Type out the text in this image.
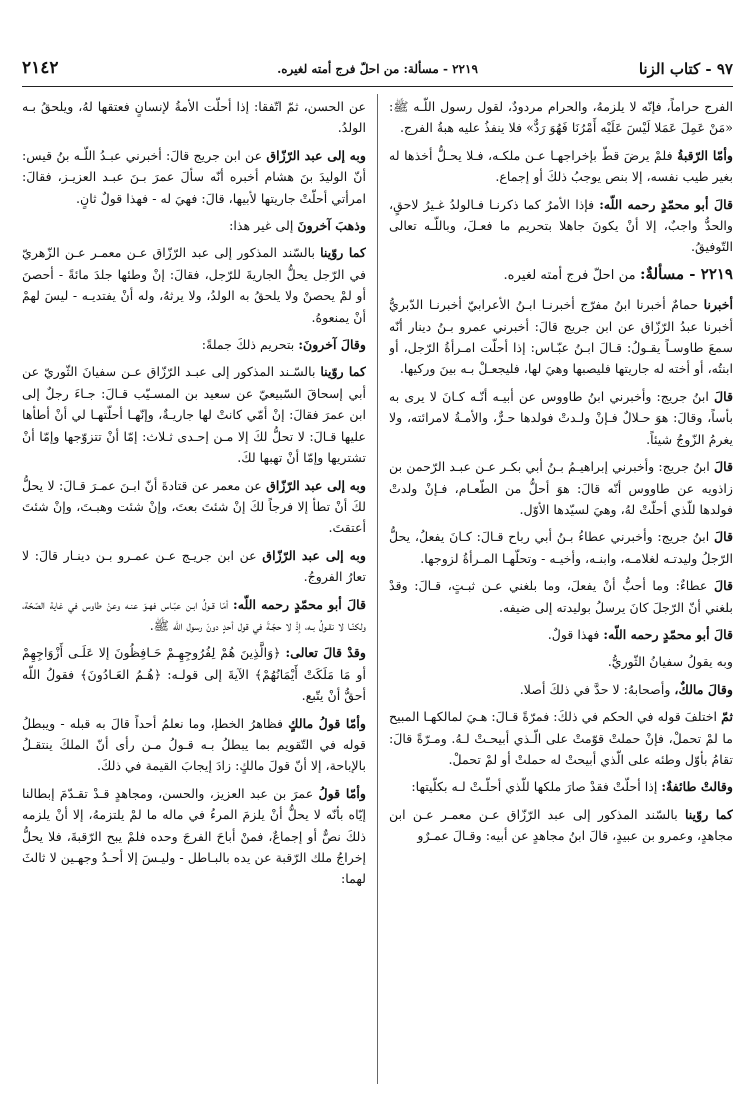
٩٧ - كتاب الزنا
٢٢١٩ - مسألة: من احلّ فرج أمته لغيره.
٢١٤٢

الفرج حراماً، فإنّه لا يلزمهُ، والحرام مردودٌ، لقول رسول اللّـه ﷺ: «مَنْ عَمِلَ عَمَلا لَيْسَ عَلَيْه أَمْرُنَا فَهُوَ رَدٌّ» فلا ينفذُ عليه هبةُ الفرج.

وأمّا الرّقبةُ فلمْ يرضَ قطّ بإخراجهـا عـن ملكـه، فـلا يحـلُّ أخذها له بغير طيب نفسه، إلا بنص يوجبُ ذلكَ أو إجماع.

قالَ أبو محمّدٍ رحمه اللّه: فإذا الأمرُ كما ذكرنـا فـالولدُ غـيرُ لاحقٍ، والحدُّ واجبٌ، إلا أنْ يكونَ جاهلا بتحريم ما فعـلَ، وباللّـه تعالى التّوفيقُ.

٢٢١٩ - مسألةٌ: من احلّ فرج أمته لغيره.

أخبرنا حمامٌ أخبرنا ابنُ مفرّج أخبرنـا ابـنُ الأعرابيّ أخبرنـا الدّبريُّ أخبرنا عبدُ الرّزّاق عن ابن جريج قالَ: أخبرني عمرو بـنُ دينار أنّه سمعَ طاوسـاً يقـولُ: قـالَ ابـنُ عبّـاس: إذا أحلّت امـرأةُ الرّجل، أو ابنتُه، أو أخته له جاريتها فليصبها وهيَ لها، فليجعـلْ بـه بينَ وركيها.

قالَ ابنُ جريج: وأخبرني ابنُ طاووس عن أبيـه أنّـه كـانَ لا يرى به بأساً، وقالَ: هوَ حـلالٌ فـإنْ ولـدتْ فولدها حـرٌّ، والأمـةُ لامرائته، ولا يغرمُ الزّوجُ شيئاً.

قالَ ابنُ جريج: وأخبرني إبراهيـمُ بـنُ أبي بكـر عـن عبـد الرّحمن بن زاذويه عن طاووس أنّه قالَ: هوَ أحلُّ من الطّعـام، فـإنْ ولدتْ فولدها للّذي أحلّتْ لهُ، وهيَ لسيّدها الأوّل.

قالَ ابنُ جريج: وأخبرني عطاءُ بـنُ أبي رباح قـالَ: كـانَ يفعلُ، يحلُّ الرّجلُ وليدتـه لغلامـه، وابنـه، وأخيـه - وتحلّهـا المـرأةُ لزوجها.

قالَ عطاءٌ: وما أحبُّ أنْ يفعلَ، وما بلغني عـن ثبـتٍ، قـالَ: وقدْ بلغني أنّ الرّجلَ كانَ يرسلُ بوليدته إلى ضيفه.

قالَ أبو محمّدٍ رحمه اللّه: فهذا قولٌ.

وبه يقولُ سفيانُ الثّوريُّ.

وقالَ مالكٌ، وأصحابهُ: لا حدَّ في ذلكَ أصلا.

ثمّ اختلفَ قوله في الحكم في ذلكَ: فمرّةً قـالَ: هـيَ لمالكهـا المبيح ما لمْ تحملْ، فإنْ حملتْ قوّمتْ على الّـذي أبيحـتْ لـهُ. ومـرّةً قالَ: تقامُ بأوّل وطئه على الّذي أبيحتْ له حملتْ أو لمْ تحملْ.

وقالتْ طائفةٌ: إذا أحلّتْ فقدْ صارَ ملكها للّذي أحلّـتْ لـه بكلّيتها:

كما روّينا بالسّند المذكور إلى عبد الرّزّاق عـن معمـر عـن ابن مجاهدٍ، وعمرو بن عبيدٍ، قالَ ابنُ مجاهدٍ عن أبيه: وقـالَ عمـرٌو

عن الحسن، ثمّ اتّفقا: إذا أحلّت الأمةُ لإنسانٍ فعتقها لهُ، ويلحقُ بـه الولدُ.

وبه إلى عبد الرّزّاق عن ابن جريج قالَ: أخبرني عبـدُ اللّـه بنُ قيس: أنّ الوليدَ بنَ هشام أخبره أنّه سألَ عمرَ بـنَ عبـد العزيـز، فقالَ: امرأتي أحلّتْ جاريتها لأبيها، قالَ: فهيَ له - فهذا قولٌ ثانٍ.

وذهبَ آخرونَ إلى غير هذا:

كما روّينا بالسّند المذكور إلى عبد الرّزّاق عـن معمـر عـن الزّهريّ في الرّجل يحلُّ الجاريةَ للرّجل، فقالَ: إنْ وطئها جلدَ مائةً - أحصنَ أو لمْ يحصنْ ولا يلحقُ به الولدُ، ولا يرثهُ، وله أنْ يفتديـه - ليسَ لهمْ أنْ يمنعوهُ.

وقالَ آخرونَ: بتحريم ذلكَ جملةً:

كما روّينا بالسّـند المذكور إلى عبـد الرّزّاق عـن سفيانَ الثّوريّ عن أبي إسحاقَ السّبيعيّ عن سعيد بن المسـيّب قـالَ: جـاءَ رجلٌ إلى ابن عمرَ فقالَ: إنْ أمّي كانتْ لها جاريـةٌ، وإنّهـا أحلّتهـا لي أنْ أطأها عليها قـالَ: لا تحلُّ لكَ إلا مـن إحـدى ثـلاث: إمّا أنْ تتزوّجها وإمّا أنْ تشتريها وإمّا أنْ تهبها لكَ.

وبه إلى عبد الرّزّاق عن معمر عن قتادةَ أنّ ابـنَ عمـرَ قـالَ: لا يحلُّ لكَ أنْ تطأ إلا فرجاً لكَ إنْ شئتَ بعتَ، وإنْ شئت وهبـتَ، وإنْ شئتَ أعتقتَ.

وبه إلى عبد الرّزّاق عن ابن جريـج عـن عمـرو بـن دينـار قالَ: لا تعارُ الفروجُ.

قالَ أبو محمّدٍ رحمه اللّه: أمّا قـولُ ابـن عبّـاس فهـوَ عنـه وعنْ طاوس في غاية الصّحّة، ولكنّـا لا نقـولُ بـه، إذْ لا حجّـةَ في قول أحدٍ دونَ رسول اللّه ﷺ.

وقدْ قالَ تعالى: ﴿وَالَّذِينَ هُمْ لِفُرُوجِهِـمْ حَـافِظُونَ إلا عَلَـى أَزْوَاجِهِمْ أو مَا مَلَكَتْ أَيْمَانُهُمْ﴾ الآيةَ إلى قولـه: ﴿هُـمُ العَـادُونَ﴾ فقولُ اللّه أحقُّ أنْ يتّبع.

وأمّا قولُ مالكٍ فظاهرُ الخطإ، وما نعلمُ أحداً قالَ به قبله - ويبطلُ قوله في التّقويم بما يبطلُ بـه قـولُ مـن رأى أنّ الملكَ ينتقـلُ بالإباحة، إلا أنّ قولَ مالكٍ: زادَ إيجابَ القيمة في ذلكَ.

وأمّا قولُ عمرَ بن عبد العزيز، والحسن، ومجاهدٍ قـدْ تقـدّمَ إبطالنا إيّاه بأنّه لا يحلُّ أنْ يلزمَ المرءُ في ماله ما لمْ يلتزمهُ، إلا أنْ يلزمه ذلكَ نصٌّ أو إجماعٌ، فمنْ أباحَ الفرجَ وحده فلمْ يبح الرّقبةَ، فلا يحلُّ إخراجُ ملك الرّقبة عن يده بالبـاطل - وليـسَ إلا أحـدُ وجهـين لا ثالثَ لهما:
